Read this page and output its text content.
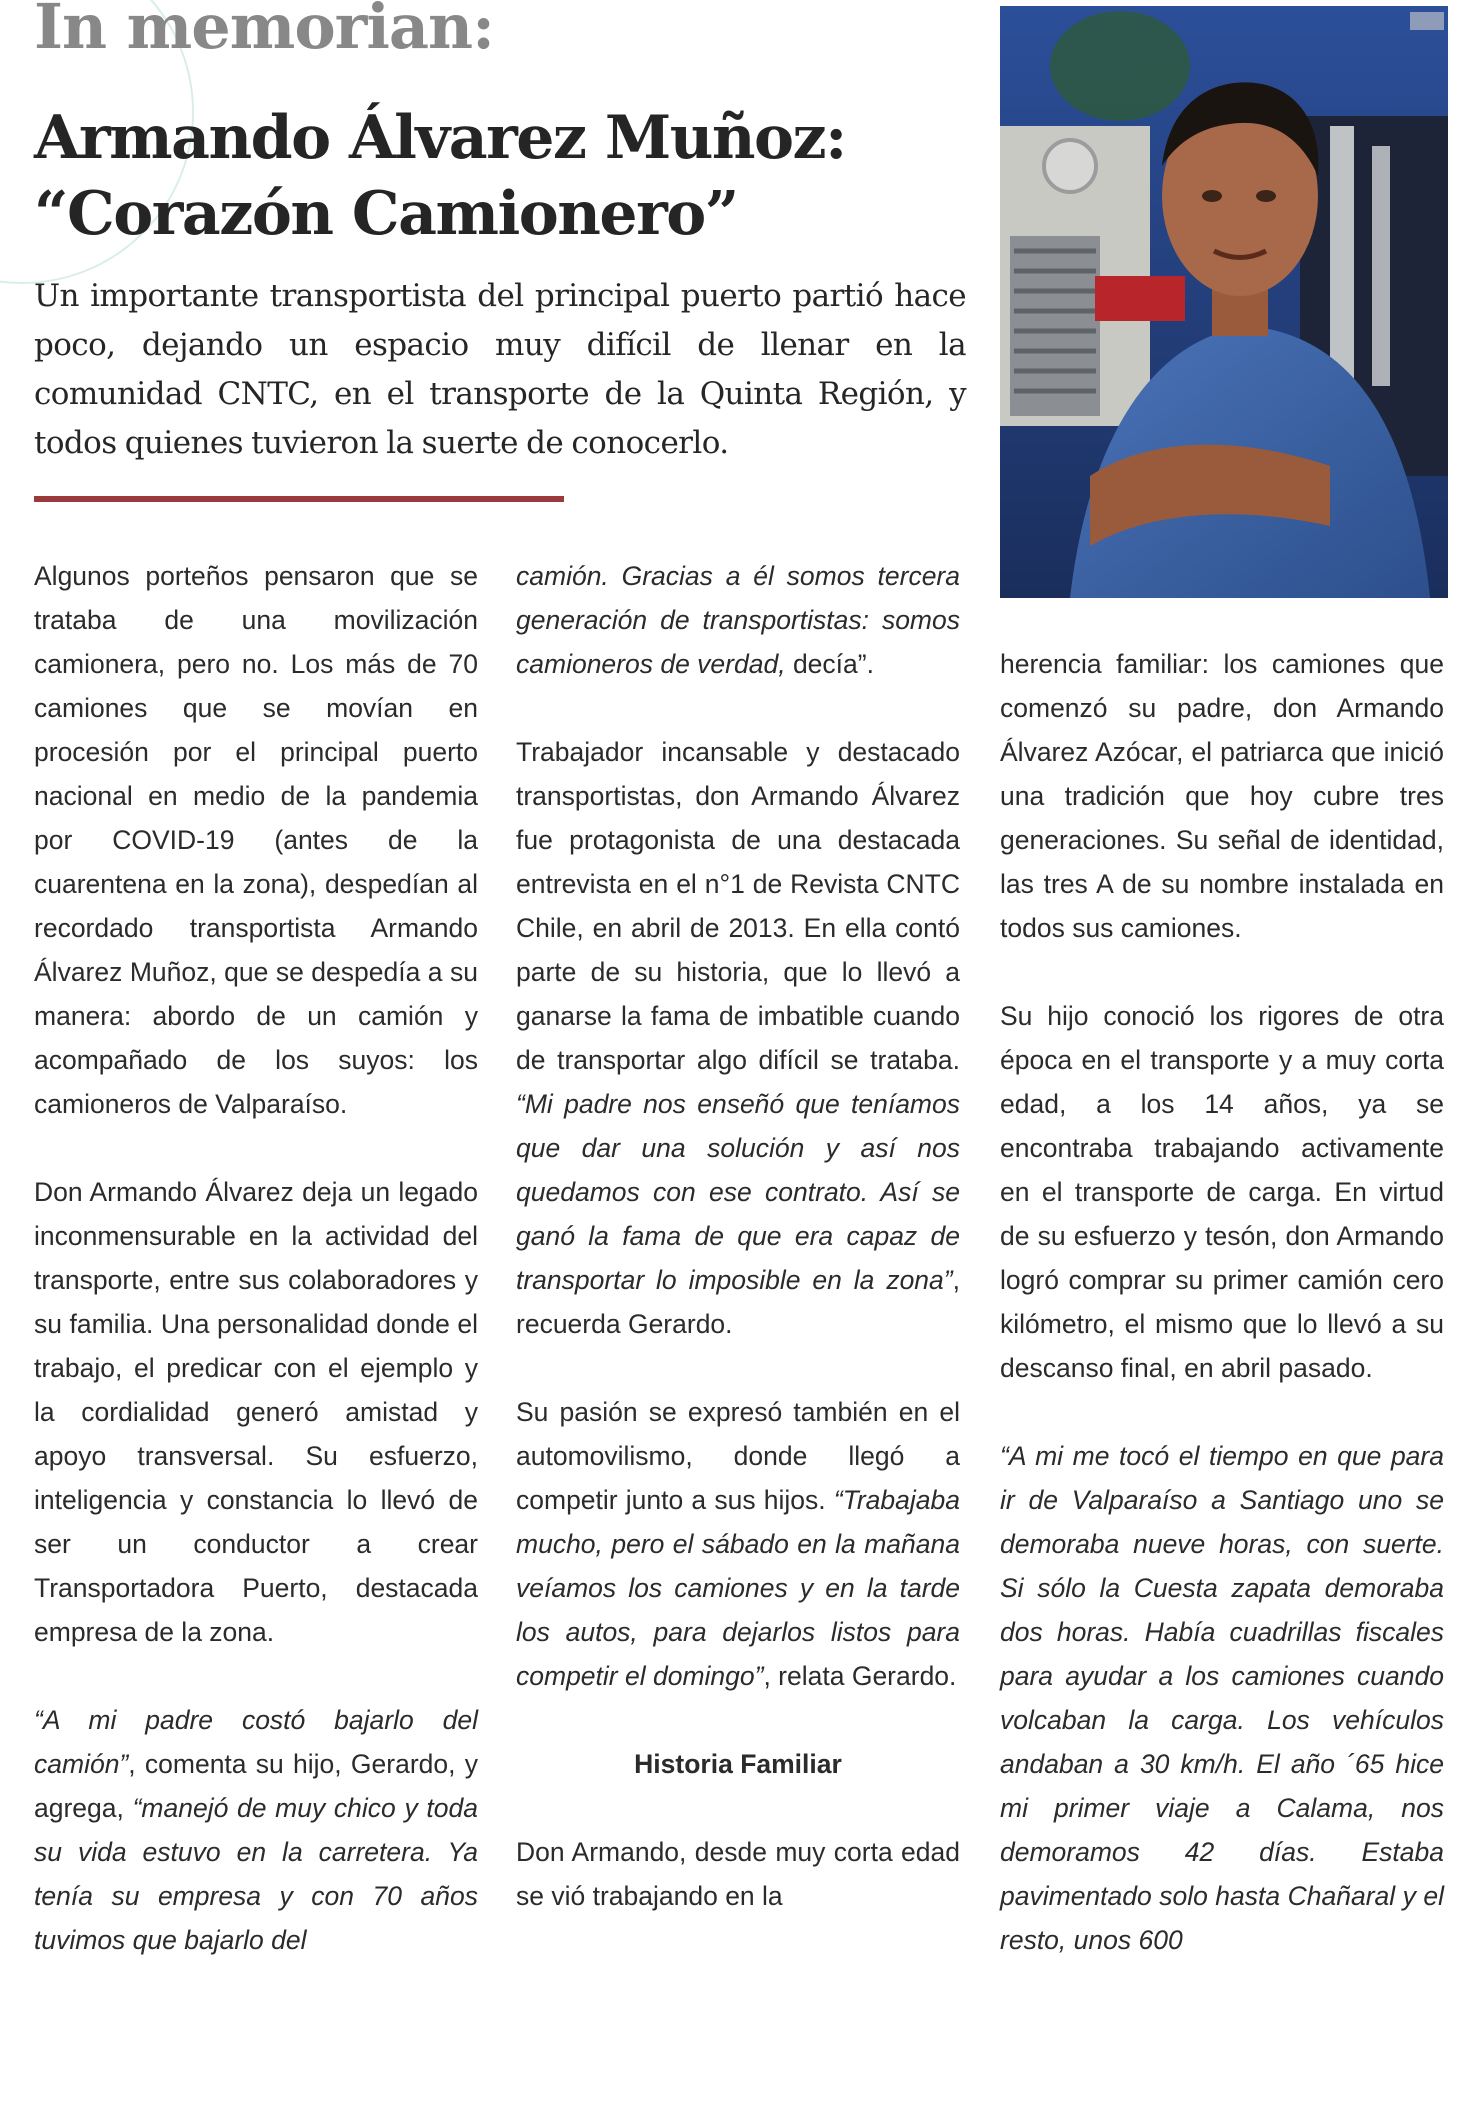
In memorian:
Armando Álvarez Muñoz:
“Corazón Camionero”

Un importante transportista del principal puerto partió hace poco, dejando un espacio muy difícil de llenar en la comunidad CNTC, en el transporte de la Quinta Región, y todos quienes tuvieron la suerte de conocerlo.

Algunos porteños pensaron que se trataba de una movilización camionera, pero no. Los más de 70 camiones que se movían en procesión por el principal puerto nacional en medio de la pandemia por COVID-19 (antes de la cuarentena en la zona), despedían al recordado transportista Armando Álvarez Muñoz, que se despedía a su manera: abordo de un camión y acompañado de los suyos: los camioneros de Valparaíso.

Don Armando Álvarez deja un legado inconmensurable en la actividad del transporte, entre sus colaboradores y su familia. Una personalidad donde el trabajo, el predicar con el ejemplo y la cordialidad generó amistad y apoyo transversal. Su esfuerzo, inteligencia y constancia lo llevó de ser un conductor a crear Transportadora Puerto, destacada empresa de la zona.

“A mi padre costó bajarlo del camión”, comenta su hijo, Gerardo, y agrega, “manejó de muy chico y toda su vida estuvo en la carretera. Ya tenía su empresa y con 70 años tuvimos que bajarlo del

camión. Gracias a él somos tercera generación de transportistas: somos camioneros de verdad, decía”.

Trabajador incansable y destacado transportistas, don Armando Álvarez fue protagonista de una destacada entrevista en el n°1 de Revista CNTC Chile, en abril de 2013. En ella contó parte de su historia, que lo llevó a ganarse la fama de imbatible cuando de transportar algo difícil se trataba. “Mi padre nos enseñó que teníamos que dar una solución y así nos quedamos con ese contrato. Así se ganó la fama de que era capaz de transportar lo imposible en la zona”, recuerda Gerardo.

Su pasión se expresó también en el automovilismo, donde llegó a competir junto a sus hijos. “Trabajaba mucho, pero el sábado en la mañana veíamos los camiones y en la tarde los autos, para dejarlos listos para competir el domingo”, relata Gerardo.

Historia Familiar

Don Armando, desde muy corta edad se vió trabajando en la

herencia familiar: los camiones que comenzó su padre, don Armando Álvarez Azócar, el patriarca que inició una tradición que hoy cubre tres generaciones. Su señal de identidad, las tres A de su nombre instalada en todos sus camiones.

Su hijo conoció los rigores de otra época en el transporte y a muy corta edad, a los 14 años, ya se encontraba trabajando activamente en el transporte de carga. En virtud de su esfuerzo y tesón, don Armando logró comprar su primer camión cero kilómetro, el mismo que lo llevó a su descanso final, en abril pasado.

“A mi me tocó el tiempo en que para ir de Valparaíso a Santiago uno se demoraba nueve horas, con suerte. Si sólo la Cuesta zapata demoraba dos horas. Había cuadrillas fiscales para ayudar a los camiones cuando volcaban la carga. Los vehículos andaban a 30 km/h. El año ´65 hice mi primer viaje a Calama, nos demoramos 42 días. Estaba pavimentado solo hasta Chañaral y el resto, unos 600
